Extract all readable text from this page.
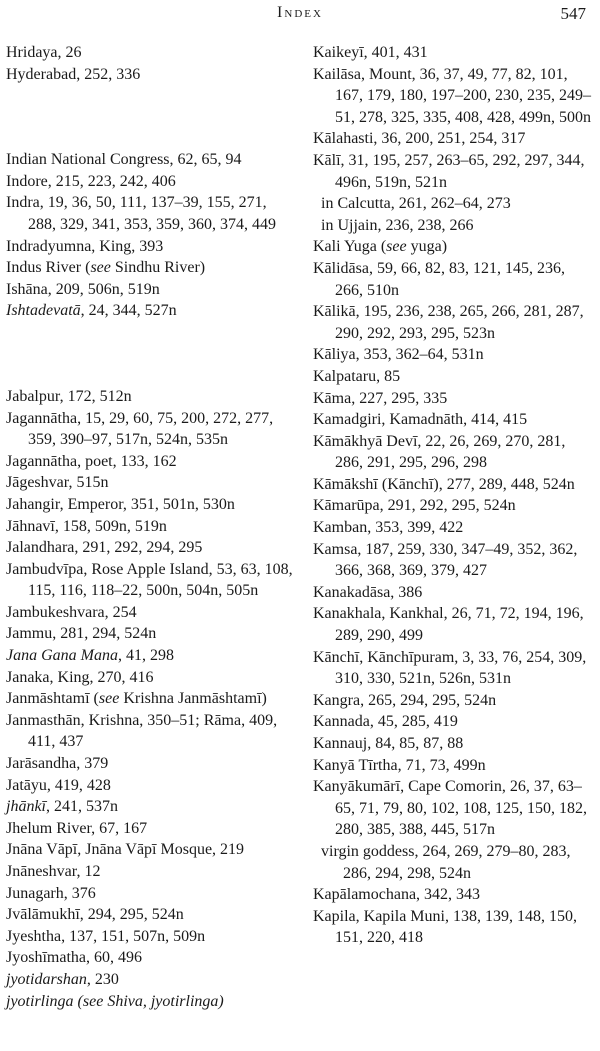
Index	547

Hridaya, 26

Hyderabad, 252, 336

Indian National Congress, 62, 65, 94

Indore, 215, 223, 242, 406

Indra, 19, 36, 50, 111, 137–39, 155, 271, 288, 329, 341, 353, 359, 360, 374, 449

Indradyumna, King, 393

Indus River (see Sindhu River)

Ishāna, 209, 506n, 519n

Ishtadevatā, 24, 344, 527n

Jabalpur, 172, 512n

Jagannātha, 15, 29, 60, 75, 200, 272, 277, 359, 390–97, 517n, 524n, 535n

Jagannātha, poet, 133, 162

Jāgeshvar, 515n

Jahangir, Emperor, 351, 501n, 530n

Jāhnavī, 158, 509n, 519n

Jalandhara, 291, 292, 294, 295

Jambudvīpa, Rose Apple Island, 53, 63, 108, 115, 116, 118–22, 500n, 504n, 505n

Jambukeshvara, 254

Jammu, 281, 294, 524n

Jana Gana Mana, 41, 298

Janaka, King, 270, 416

Janmāshtamī (see Krishna Janmāshtamī)

Janmasthān, Krishna, 350–51; Rāma, 409, 411, 437

Jarāsandha, 379

Jatāyu, 419, 428

jhānkī, 241, 537n

Jhelum River, 67, 167

Jnāna Vāpī, Jnāna Vāpī Mosque, 219

Jnāneshvar, 12

Junagarh, 376

Jvālāmukhī, 294, 295, 524n

Jyeshtha, 137, 151, 507n, 509n

Jyoshīmatha, 60, 496

jyotidarshan, 230

jyotirlinga (see Shiva, jyotirlinga)

Kaikeyī, 401, 431

Kailāsa, Mount, 36, 37, 49, 77, 82, 101, 167, 179, 180, 197–200, 230, 235, 249–51, 278, 325, 335, 408, 428, 499n, 500n

Kālahasti, 36, 200, 251, 254, 317

Kālī, 31, 195, 257, 263–65, 292, 297, 344, 496n, 519n, 521n

in Calcutta, 261, 262–64, 273

in Ujjain, 236, 238, 266

Kali Yuga (see yuga)

Kālidāsa, 59, 66, 82, 83, 121, 145, 236, 266, 510n

Kālikā, 195, 236, 238, 265, 266, 281, 287, 290, 292, 293, 295, 523n

Kāliya, 353, 362–64, 531n

Kalpataru, 85

Kāma, 227, 295, 335

Kamadgiri, Kamadnāth, 414, 415

Kāmākhyā Devī, 22, 26, 269, 270, 281, 286, 291, 295, 296, 298

Kāmākshī (Kānchī), 277, 289, 448, 524n

Kāmarūpa, 291, 292, 295, 524n

Kamban, 353, 399, 422

Kamsa, 187, 259, 330, 347–49, 352, 362, 366, 368, 369, 379, 427

Kanakadāsa, 386

Kanakhala, Kankhal, 26, 71, 72, 194, 196, 289, 290, 499

Kānchī, Kānchīpuram, 3, 33, 76, 254, 309, 310, 330, 521n, 526n, 531n

Kangra, 265, 294, 295, 524n

Kannada, 45, 285, 419

Kannauj, 84, 85, 87, 88

Kanyā Tīrtha, 71, 73, 499n

Kanyākumārī, Cape Comorin, 26, 37, 63–65, 71, 79, 80, 102, 108, 125, 150, 182, 280, 385, 388, 445, 517n

virgin goddess, 264, 269, 279–80, 283, 286, 294, 298, 524n

Kapālamochana, 342, 343

Kapila, Kapila Muni, 138, 139, 148, 150, 151, 220, 418
